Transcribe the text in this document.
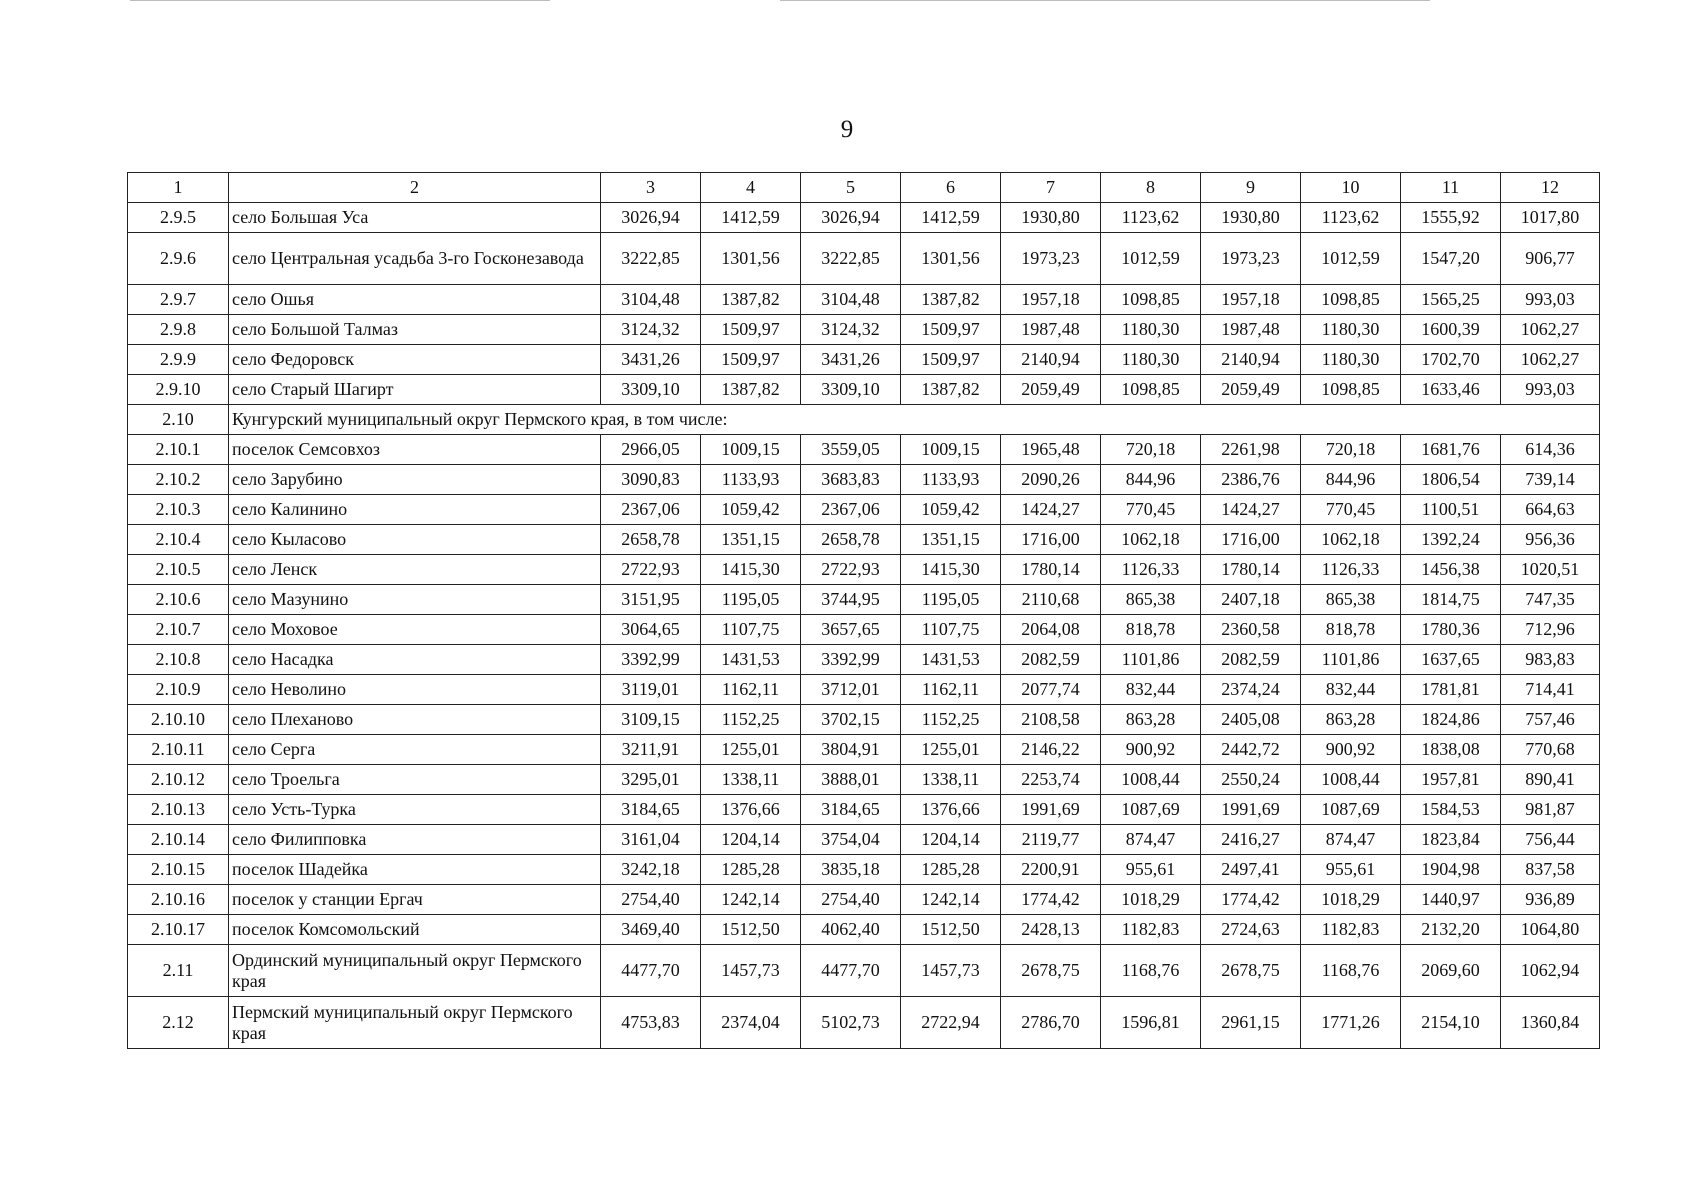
9
1	2	3	4	5	6	7	8	9	10	11	12
2.9.5	село Большая Уса	3026,94	1412,59	3026,94	1412,59	1930,80	1123,62	1930,80	1123,62	1555,92	1017,80
2.9.6	село Центральная усадьба 3-го Госконезавода	3222,85	1301,56	3222,85	1301,56	1973,23	1012,59	1973,23	1012,59	1547,20	906,77
2.9.7	село Ошья	3104,48	1387,82	3104,48	1387,82	1957,18	1098,85	1957,18	1098,85	1565,25	993,03
2.9.8	село Большой Талмаз	3124,32	1509,97	3124,32	1509,97	1987,48	1180,30	1987,48	1180,30	1600,39	1062,27
2.9.9	село Федоровск	3431,26	1509,97	3431,26	1509,97	2140,94	1180,30	2140,94	1180,30	1702,70	1062,27
2.9.10	село Старый Шагирт	3309,10	1387,82	3309,10	1387,82	2059,49	1098,85	2059,49	1098,85	1633,46	993,03
2.10	Кунгурский муниципальный округ Пермского края, в том числе:										
2.10.1	поселок Семсовхоз	2966,05	1009,15	3559,05	1009,15	1965,48	720,18	2261,98	720,18	1681,76	614,36
2.10.2	село Зарубино	3090,83	1133,93	3683,83	1133,93	2090,26	844,96	2386,76	844,96	1806,54	739,14
2.10.3	село Калинино	2367,06	1059,42	2367,06	1059,42	1424,27	770,45	1424,27	770,45	1100,51	664,63
2.10.4	село Кыласово	2658,78	1351,15	2658,78	1351,15	1716,00	1062,18	1716,00	1062,18	1392,24	956,36
2.10.5	село Ленск	2722,93	1415,30	2722,93	1415,30	1780,14	1126,33	1780,14	1126,33	1456,38	1020,51
2.10.6	село Мазунино	3151,95	1195,05	3744,95	1195,05	2110,68	865,38	2407,18	865,38	1814,75	747,35
2.10.7	село Моховое	3064,65	1107,75	3657,65	1107,75	2064,08	818,78	2360,58	818,78	1780,36	712,96
2.10.8	село Насадка	3392,99	1431,53	3392,99	1431,53	2082,59	1101,86	2082,59	1101,86	1637,65	983,83
2.10.9	село Неволино	3119,01	1162,11	3712,01	1162,11	2077,74	832,44	2374,24	832,44	1781,81	714,41
2.10.10	село Плеханово	3109,15	1152,25	3702,15	1152,25	2108,58	863,28	2405,08	863,28	1824,86	757,46
2.10.11	село Серга	3211,91	1255,01	3804,91	1255,01	2146,22	900,92	2442,72	900,92	1838,08	770,68
2.10.12	село Троельга	3295,01	1338,11	3888,01	1338,11	2253,74	1008,44	2550,24	1008,44	1957,81	890,41
2.10.13	село Усть-Турка	3184,65	1376,66	3184,65	1376,66	1991,69	1087,69	1991,69	1087,69	1584,53	981,87
2.10.14	село Филипповка	3161,04	1204,14	3754,04	1204,14	2119,77	874,47	2416,27	874,47	1823,84	756,44
2.10.15	поселок Шадейка	3242,18	1285,28	3835,18	1285,28	2200,91	955,61	2497,41	955,61	1904,98	837,58
2.10.16	поселок у станции Ергач	2754,40	1242,14	2754,40	1242,14	1774,42	1018,29	1774,42	1018,29	1440,97	936,89
2.10.17	поселок Комсомольский	3469,40	1512,50	4062,40	1512,50	2428,13	1182,83	2724,63	1182,83	2132,20	1064,80
2.11	Ординский муниципальный округ Пермского края	4477,70	1457,73	4477,70	1457,73	2678,75	1168,76	2678,75	1168,76	2069,60	1062,94
2.12	Пермский муниципальный округ Пермского края	4753,83	2374,04	5102,73	2722,94	2786,70	1596,81	2961,15	1771,26	2154,10	1360,84
